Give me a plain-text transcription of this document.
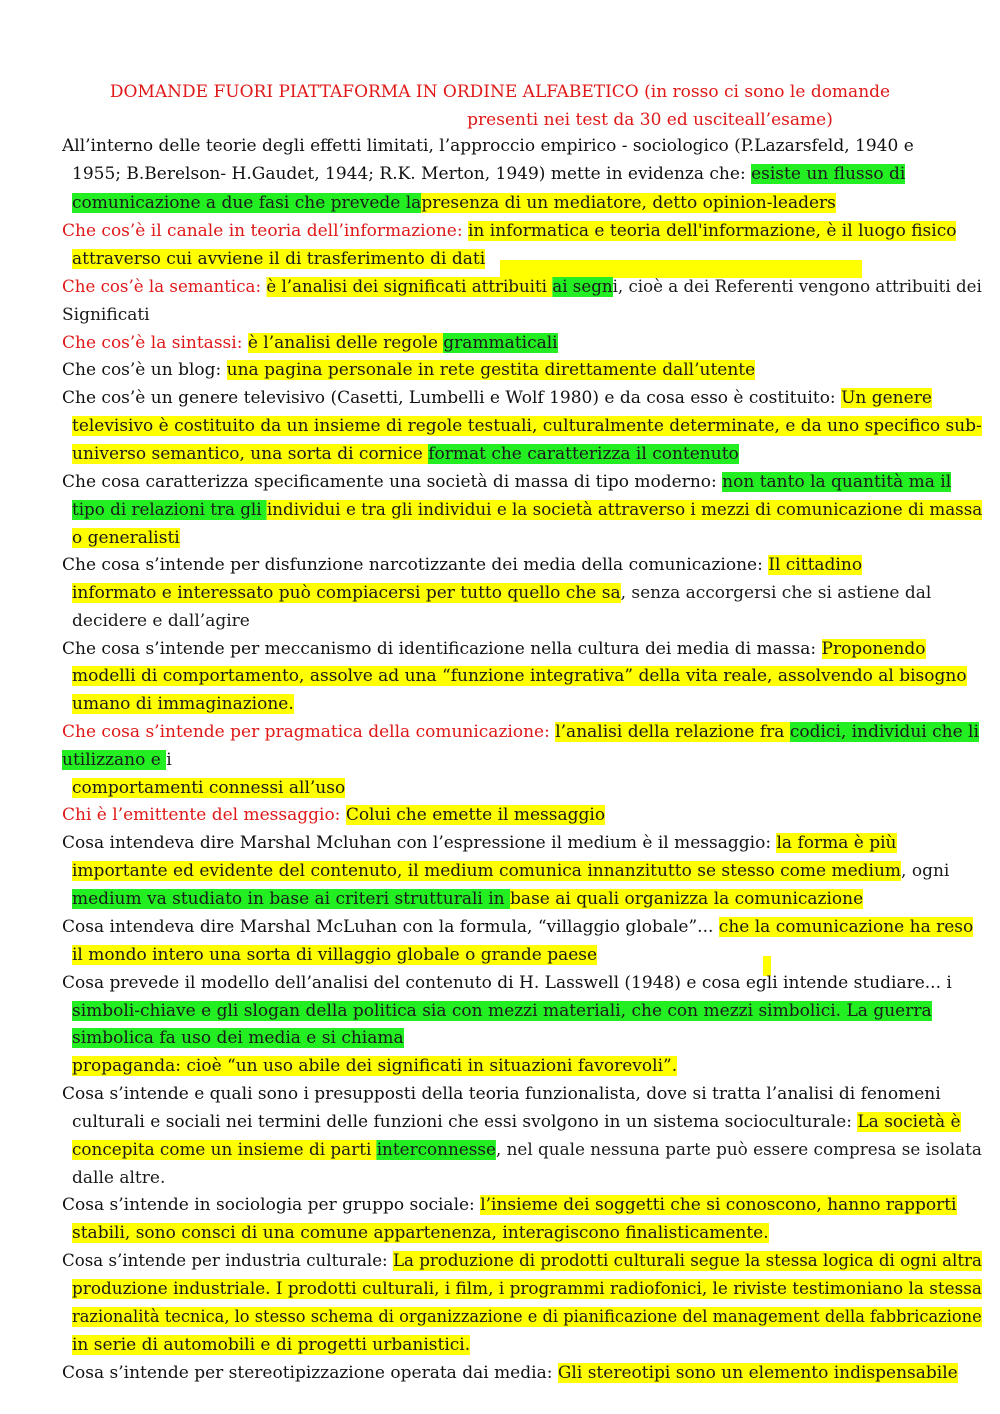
DOMANDE FUORI PIATTAFORMA IN ORDINE ALFABETICO (in rosso ci sono le domande
presenti nei test da 30 ed usciteall’esame)
All’interno delle teorie degli effetti limitati, l’approccio empirico - sociologico (P.Lazarsfeld, 1940 e
1955; B.Berelson- H.Gaudet, 1944; R.K. Merton, 1949) mette in evidenza che: esiste un flusso di
comunicazione a due fasi che prevede lapresenza di un mediatore, detto opinion-leaders
Che cos’è il canale in teoria dell’informazione: in informatica e teoria dell'informazione, è il luogo fisico
attraverso cui avviene il di trasferimento di dati
Che cos’è la semantica: è l’analisi dei significati attribuiti ai segni, cioè a dei Referenti vengono attribuiti dei
Significati
Che cos’è la sintassi: è l’analisi delle regole grammaticali
Che cos’è un blog: una pagina personale in rete gestita direttamente dall’utente
Che cos’è un genere televisivo (Casetti, Lumbelli e Wolf 1980) e da cosa esso è costituito: Un genere
televisivo è costituito da un insieme di regole testuali, culturalmente determinate, e da uno specifico sub-
universo semantico, una sorta di cornice format che caratterizza il contenuto
Che cosa caratterizza specificamente una società di massa di tipo moderno: non tanto la quantità ma il
tipo di relazioni tra gli individui e tra gli individui e la società attraverso i mezzi di comunicazione di massa
o generalisti
Che cosa s’intende per disfunzione narcotizzante dei media della comunicazione: Il cittadino
informato e interessato può compiacersi per tutto quello che sa, senza accorgersi che si astiene dal
decidere e dall’agire
Che cosa s’intende per meccanismo di identificazione nella cultura dei media di massa: Proponendo
modelli di comportamento, assolve ad una “funzione integrativa” della vita reale, assolvendo al bisogno
umano di immaginazione.
Che cosa s’intende per pragmatica della comunicazione: l’analisi della relazione fra codici, individui che li
utilizzano e i
comportamenti connessi all’uso
Chi è l’emittente del messaggio: Colui che emette il messaggio
Cosa intendeva dire Marshal Mcluhan con l’espressione il medium è il messaggio: la forma è più
importante ed evidente del contenuto, il medium comunica innanzitutto se stesso come medium, ogni
medium va studiato in base ai criteri strutturali in base ai quali organizza la comunicazione
Cosa intendeva dire Marshal McLuhan con la formula, “villaggio globale”... che la comunicazione ha reso
il mondo intero una sorta di villaggio globale o grande paese
Cosa prevede il modello dell’analisi del contenuto di H. Lasswell (1948) e cosa egli intende studiare... i
simboli-chiave e gli slogan della politica sia con mezzi materiali, che con mezzi simbolici. La guerra
simbolica fa uso dei media e si chiama
propaganda: cioè “un uso abile dei significati in situazioni favorevoli”.
Cosa s’intende e quali sono i presupposti della teoria funzionalista, dove si tratta l’analisi di fenomeni
culturali e sociali nei termini delle funzioni che essi svolgono in un sistema socioculturale: La società è
concepita come un insieme di parti interconnesse, nel quale nessuna parte può essere compresa se isolata
dalle altre.
Cosa s’intende in sociologia per gruppo sociale: l’insieme dei soggetti che si conoscono, hanno rapporti
stabili, sono consci di una comune appartenenza, interagiscono finalisticamente.
Cosa s’intende per industria culturale: La produzione di prodotti culturali segue la stessa logica di ogni altra
produzione industriale. I prodotti culturali, i film, i programmi radiofonici, le riviste testimoniano la stessa
razionalità tecnica, lo stesso schema di organizzazione e di pianificazione del management della fabbricazione
in serie di automobili e di progetti urbanistici.
Cosa s’intende per stereotipizzazione operata dai media: Gli stereotipi sono un elemento indispensabile
